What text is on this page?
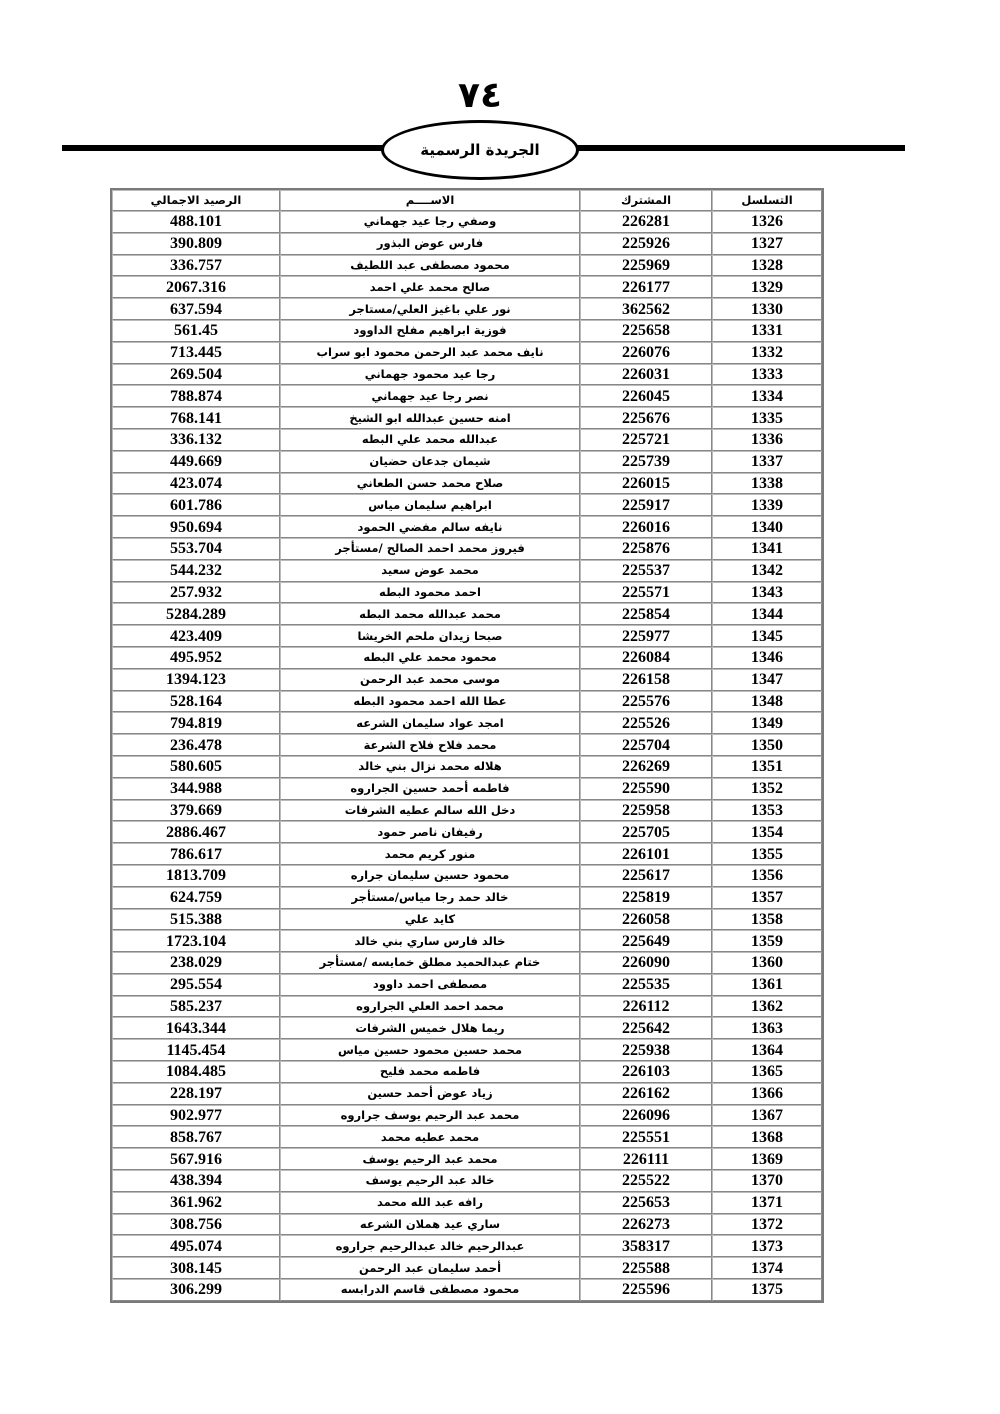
٧٤
الجريدة الرسمية
الرصيد الاجمالي	الاســــم	المشترك	التسلسل
488.101	وصفي رجا عيد جهماني	226281	1326
390.809	فارس عوض البذور	225926	1327
336.757	محمود مصطفى عبد اللطيف	225969	1328
2067.316	صالح محمد علي احمد	226177	1329
637.594	نور علي باغيز العلي/مستاجر	362562	1330
561.45	فوزية ابراهيم مفلح الداوود	225658	1331
713.445	نايف محمد عبد الرحمن محمود ابو سراب	226076	1332
269.504	رجا عيد محمود جهماني	226031	1333
788.874	نصر رجا عيد جهماني	226045	1334
768.141	امنه حسين عبدالله ابو الشيخ	225676	1335
336.132	عبدالله محمد علي البطه	225721	1336
449.669	شيمان جدعان حضيان	225739	1337
423.074	صلاح محمد حسن الطعاني	226015	1338
601.786	ابراهيم سليمان مياس	225917	1339
950.694	نايفه سالم مفضي الحمود	226016	1340
553.704	فيروز محمد احمد الصالح /مستأجر	225876	1341
544.232	محمد عوض سعيد	225537	1342
257.932	احمد محمود البطه	225571	1343
5284.289	محمد عبدالله محمد البطه	225854	1344
423.409	صبحا زيدان ملحم الخريشا	225977	1345
495.952	محمود محمد علي البطه	226084	1346
1394.123	موسى محمد عبد الرحمن	226158	1347
528.164	عطا الله احمد محمود البطه	225576	1348
794.819	امجد عواد سليمان الشرعه	225526	1349
236.478	محمد فلاح فلاح الشرعة	225704	1350
580.605	هلاله محمد نزال بني خالد	226269	1351
344.988	فاطمه أحمد حسين الجراروه	225590	1352
379.669	دخل الله سالم عطيه الشرفات	225958	1353
2886.467	رفيفان ناصر حمود	225705	1354
786.617	منور كريم محمد	226101	1355
1813.709	محمود حسين سليمان جراره	225617	1356
624.759	خالد حمد رجا مياس/مستأجر	225819	1357
515.388	كايد علي	226058	1358
1723.104	خالد فارس ساري بني خالد	225649	1359
238.029	ختام عبدالحميد مطلق خمايسه /مستأجر	226090	1360
295.554	مصطفى احمد داوود	225535	1361
585.237	محمد احمد العلي الجراروه	226112	1362
1643.344	ريما هلال خميس الشرفات	225642	1363
1145.454	محمد حسين محمود حسين مياس	225938	1364
1084.485	فاطمه محمد فليح	226103	1365
228.197	زياد عوض أحمد حسين	226162	1366
902.977	محمد عبد الرحيم يوسف جراروه	226096	1367
858.767	محمد عطيه محمد	225551	1368
567.916	محمد عبد الرحيم يوسف	226111	1369
438.394	خالد عبد الرحيم يوسف	225522	1370
361.962	رافه عبد الله محمد	225653	1371
308.756	ساري عيد هملان الشرعه	226273	1372
495.074	عبدالرحيم خالد عبدالرحيم جراروه	358317	1373
308.145	أحمد سليمان عبد الرحمن	225588	1374
306.299	محمود مصطفى قاسم الدرابسه	225596	1375
